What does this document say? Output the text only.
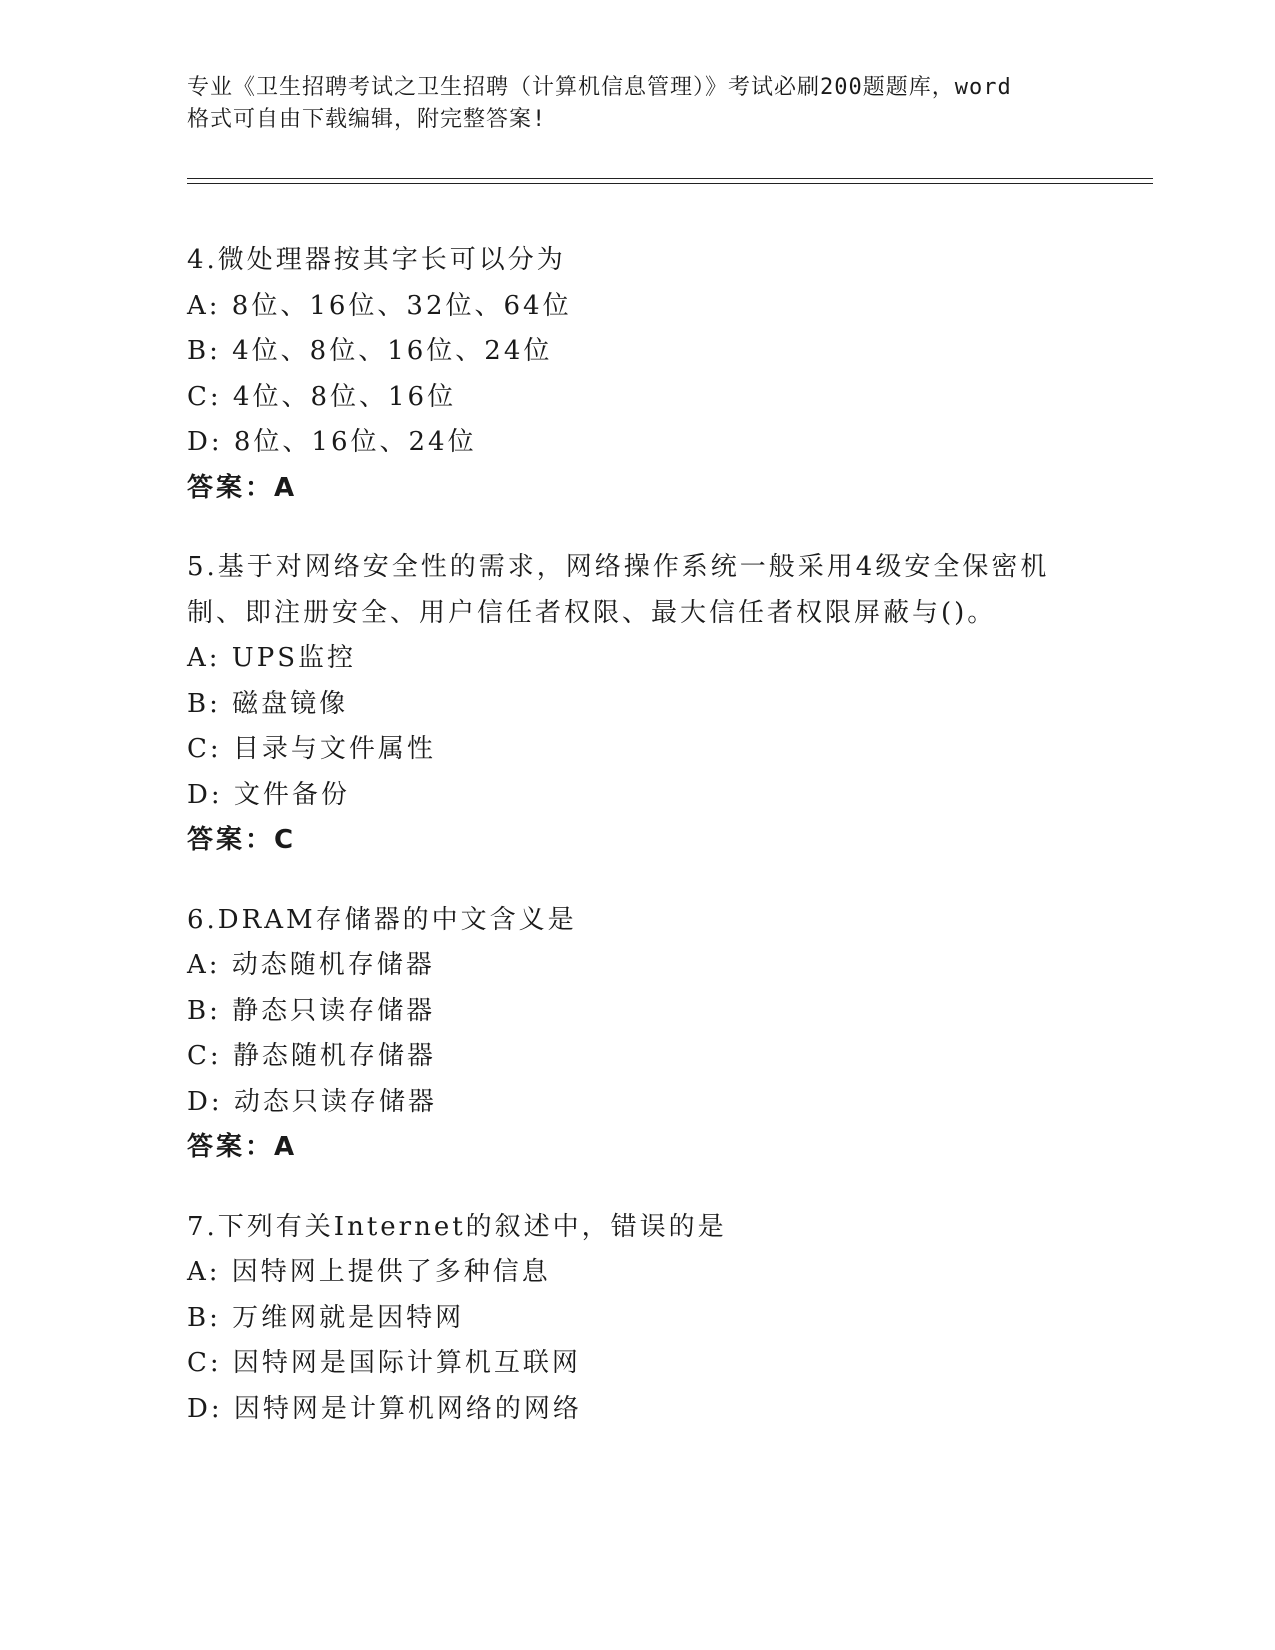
专业《卫生招聘考试之卫生招聘（计算机信息管理）》考试必刷200题题库，word
格式可自由下载编辑，附完整答案!
4.微处理器按其字长可以分为
A: 8位、16位、32位、64位
B: 4位、8位、16位、24位
C: 4位、8位、16位
D: 8位、16位、24位
答案：A
5.基于对网络安全性的需求，网络操作系统一般采用4级安全保密机制、即注册安全、用户信任者权限、最大信任者权限屏蔽与()。
A: UPS监控
B: 磁盘镜像
C: 目录与文件属性
D: 文件备份
答案：C
6.DRAM存储器的中文含义是
A: 动态随机存储器
B: 静态只读存储器
C: 静态随机存储器
D: 动态只读存储器
答案：A
7.下列有关Internet的叙述中，错误的是
A: 因特网上提供了多种信息
B: 万维网就是因特网
C: 因特网是国际计算机互联网
D: 因特网是计算机网络的网络
